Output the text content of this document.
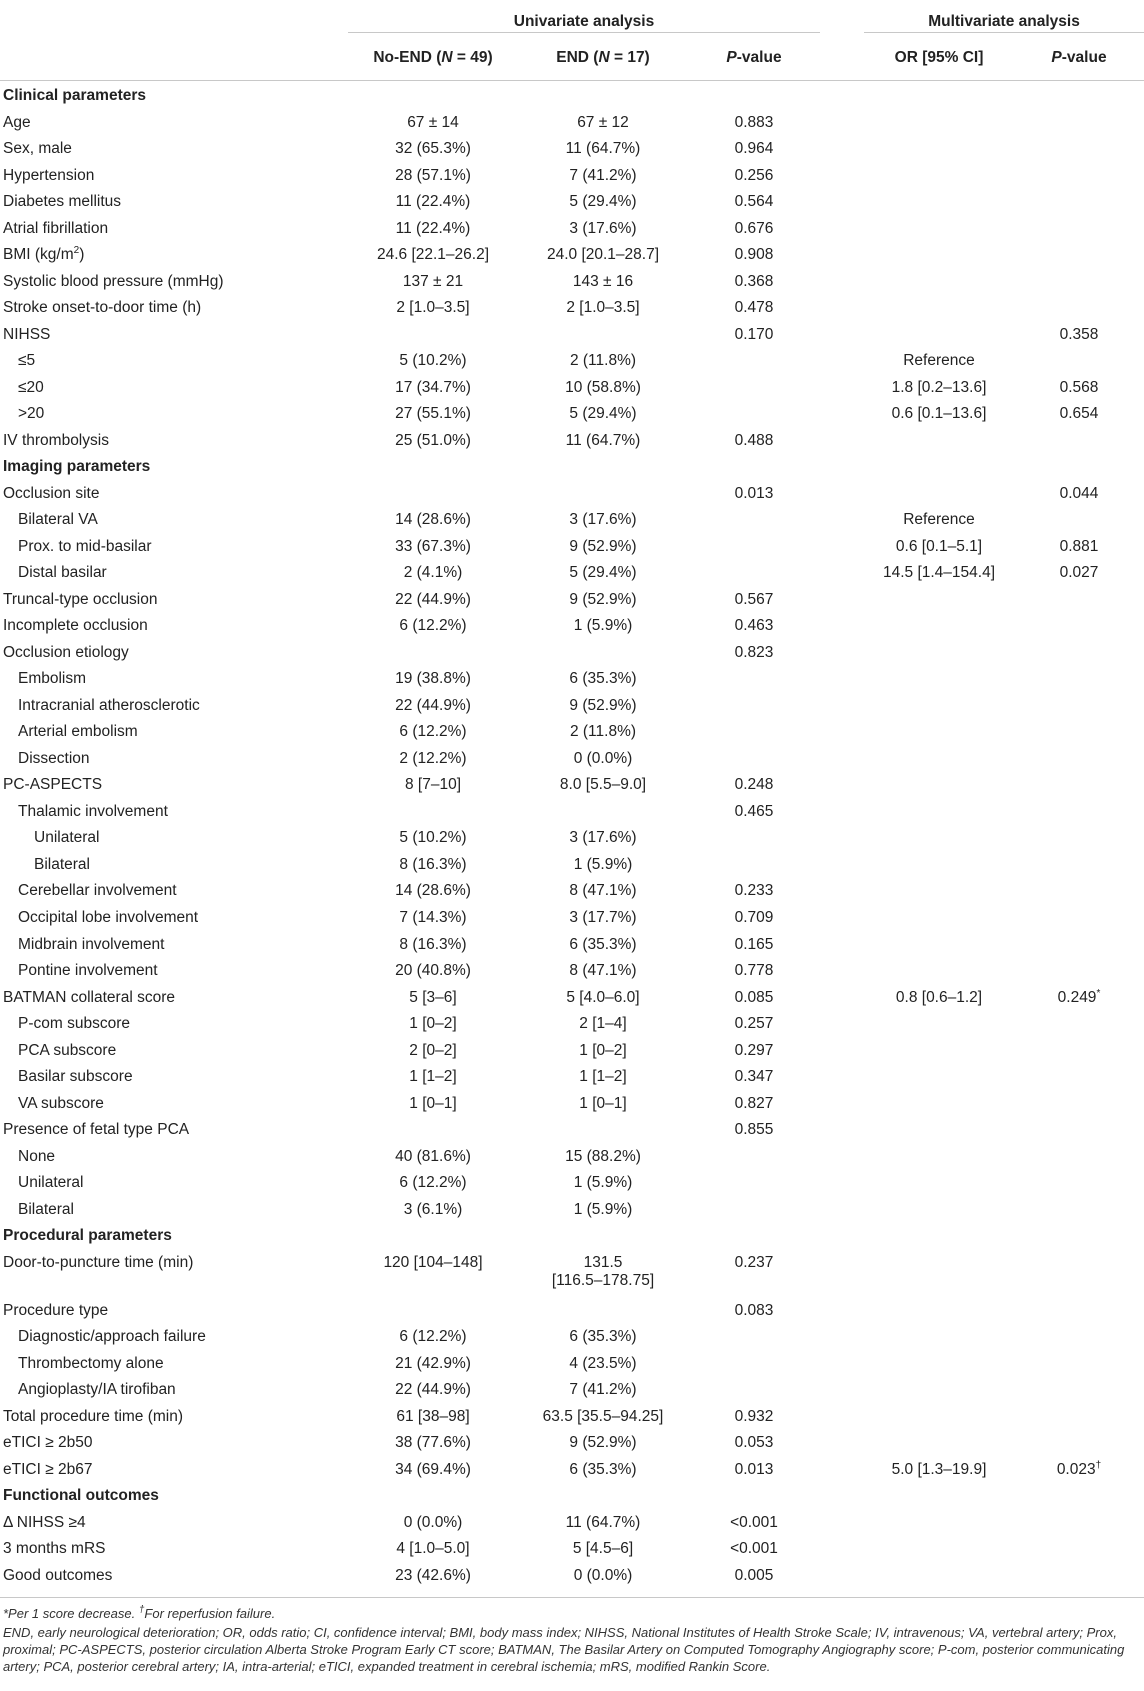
	Univariate analysis				Multivariate analysis	

	No-END (N = 49)	END (N = 17)	P-value		OR [95% CI]	P-value
Clinical parameters						
Age	67 ± 14	67 ± 12	0.883			
Sex, male	32 (65.3%)	11 (64.7%)	0.964			
Hypertension	28 (57.1%)	7 (41.2%)	0.256			
Diabetes mellitus	11 (22.4%)	5 (29.4%)	0.564			
Atrial fibrillation	11 (22.4%)	3 (17.6%)	0.676			
BMI $(kg/m^2)$	24.6 [22.1–26.2]	24.0 [20.1–28.7]	0.908			
Systolic blood pressure (mmHg)	137 ± 21	143 ± 16	0.368			
Stroke onset-to-door time (h)	2 [1.0–3.5]	2 [1.0–3.5]	0.478			
NIHSS			0.170			0.358
≤5	5 (10.2%)	2 (11.8%)			Reference	
≤20	17 (34.7%)	10 (58.8%)			1.8 [0.2–13.6]	0.568
>20	27 (55.1%)	5 (29.4%)			0.6 [0.1–13.6]	0.654
IV thrombolysis	25 (51.0%)	11 (64.7%)	0.488			
Imaging parameters						
Occlusion site			0.013			0.044
Bilateral VA	14 (28.6%)	3 (17.6%)			Reference	
Prox. to mid-basilar	33 (67.3%)	9 (52.9%)			0.6 [0.1–5.1]	0.881
Distal basilar	2 (4.1%)	5 (29.4%)			14.5 [1.4–154.4]	0.027
Truncal-type occlusion	22 (44.9%)	9 (52.9%)	0.567			
Incomplete occlusion	6 (12.2%)	1 (5.9%)	0.463			
Occlusion etiology			0.823			
Embolism	19 (38.8%)	6 (35.3%)				
Intracranial atherosclerotic	22 (44.9%)	9 (52.9%)				
Arterial embolism	6 (12.2%)	2 (11.8%)				
Dissection	2 (12.2%)	0 (0.0%)				
PC-ASPECTS	8 [7–10]	8.0 [5.5–9.0]	0.248			
Thalamic involvement			0.465			
Unilateral	5 (10.2%)	3 (17.6%)				
Bilateral	8 (16.3%)	1 (5.9%)				
Cerebellar involvement	14 (28.6%)	8 (47.1%)	0.233			
Occipital lobe involvement	7 (14.3%)	3 (17.7%)	0.709			
Midbrain involvement	8 (16.3%)	6 (35.3%)	0.165			
Pontine involvement	20 (40.8%)	8 (47.1%)	0.778			
BATMAN collateral score	5 [3–6]	5 [4.0–6.0]	0.085		0.8 [0.6–1.2]	0.249*
P-com subscore	1 [0–2]	2 [1–4]	0.257			
PCA subscore	2 [0–2]	1 [0–2]	0.297			
Basilar subscore	1 [1–2]	1 [1–2]	0.347			
VA subscore	1 [0–1]	1 [0–1]	0.827			
Presence of fetal type PCA			0.855			
None	40 (81.6%)	15 (88.2%)				
Unilateral	6 (12.2%)	1 (5.9%)				
Bilateral	3 (6.1%)	1 (5.9%)				
Procedural parameters						
Door-to-puncture time (min)	120 [104–148]	131.5
[116.5–178.75]	0.237			
Procedure type			0.083			
Diagnostic/approach failure	6 (12.2%)	6 (35.3%)				
Thrombectomy alone	21 (42.9%)	4 (23.5%)				
Angioplasty/IA tirofiban	22 (44.9%)	7 (41.2%)				
Total procedure time (min)	61 [38–98]	63.5 [35.5–94.25]	0.932			
eTICI ≥ 2b50	38 (77.6%)	9 (52.9%)	0.053			
eTICI ≥ 2b67	34 (69.4%)	6 (35.3%)	0.013		5.0 [1.3–19.9]	0.023†
Functional outcomes						
Δ NIHSS ≥4	0 (0.0%)	11 (64.7%)	<0.001			
3 months mRS	4 [1.0–5.0]	5 [4.5–6]	<0.001			
Good outcomes	23 (42.6%)	0 (0.0%)	0.005			

*Per 1 score decrease. †For reperfusion failure.

END, early neurological deterioration; OR, odds ratio; CI, confidence interval; BMI, body mass index; NIHSS, National Institutes of Health Stroke Scale; IV, intravenous; VA, vertebral artery; Prox, proximal; PC-ASPECTS, posterior circulation Alberta Stroke Program Early CT score; BATMAN, The Basilar Artery on Computed Tomography Angiography score; P-com, posterior communicating artery; PCA, posterior cerebral artery; IA, intra-arterial; eTICI, expanded treatment in cerebral ischemia; mRS, modified Rankin Score.
